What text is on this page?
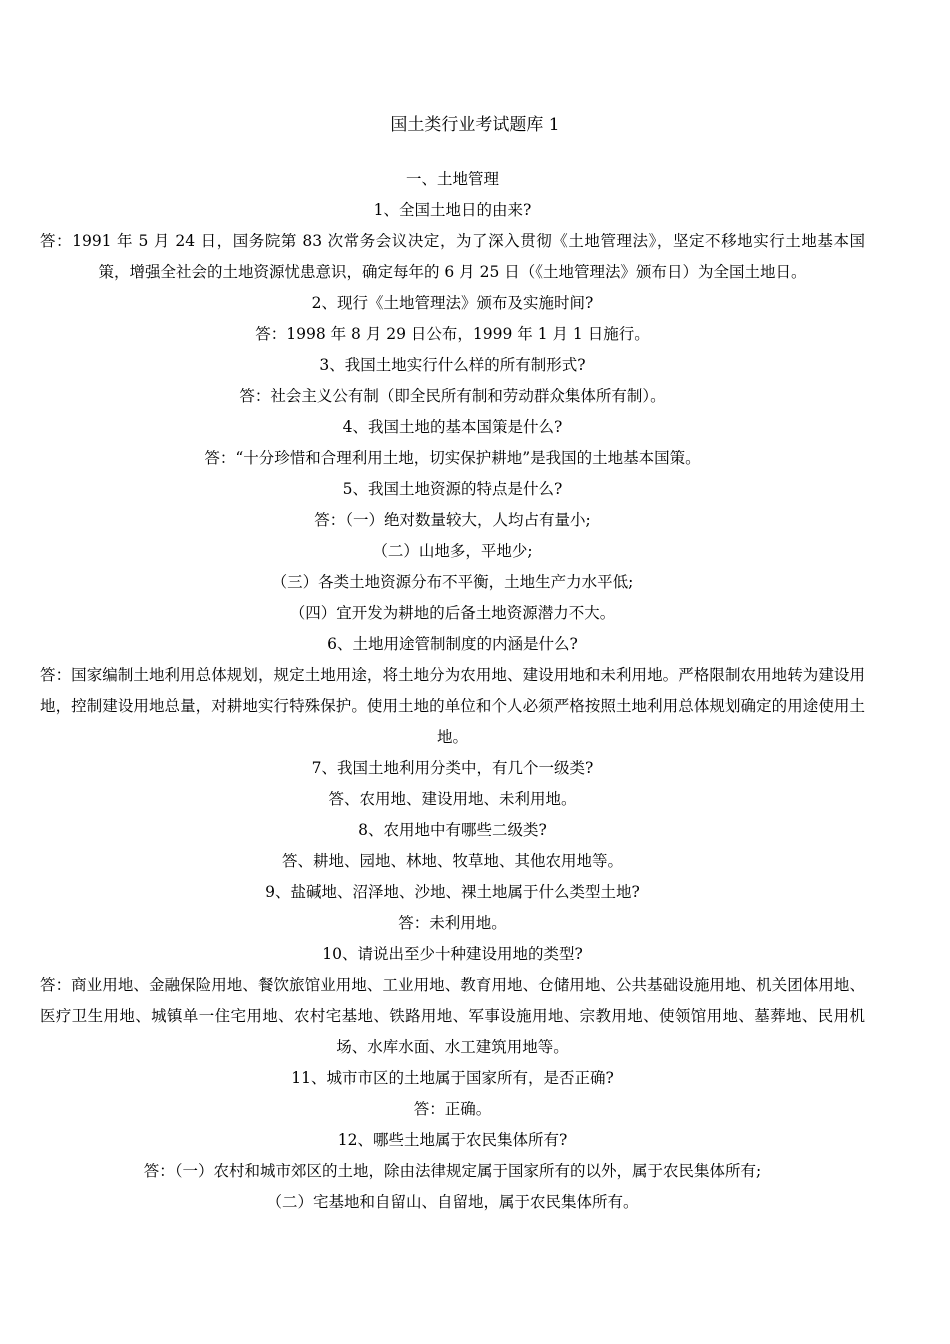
国土类行业考试题库 1
一、土地管理
1、全国土地日的由来?
答：1991 年 5 月 24 日，国务院第 83 次常务会议决定，为了深入贯彻《土地管理法》，坚定不移地实行土地基本国策，增强全社会的土地资源忧患意识，确定每年的 6 月 25 日（《土地管理法》颁布日）为全国土地日。
2、现行《土地管理法》颁布及实施时间?
答：1998 年 8 月 29 日公布，1999 年 1 月 1 日施行。
3、我国土地实行什么样的所有制形式?
答：社会主义公有制（即全民所有制和劳动群众集体所有制）。
4、我国土地的基本国策是什么?
答：“十分珍惜和合理利用土地，切实保护耕地”是我国的土地基本国策。
5、我国土地资源的特点是什么?
答：（一）绝对数量较大，人均占有量小;
（二）山地多，平地少;
（三）各类土地资源分布不平衡，土地生产力水平低;
（四）宜开发为耕地的后备土地资源潜力不大。
6、土地用途管制制度的内涵是什么?
答：国家编制土地利用总体规划，规定土地用途，将土地分为农用地、建设用地和未利用地。严格限制农用地转为建设用地，控制建设用地总量，对耕地实行特殊保护。使用土地的单位和个人必须严格按照土地利用总体规划确定的用途使用土地。
7、我国土地利用分类中，有几个一级类?
答、农用地、建设用地、未利用地。
8、农用地中有哪些二级类?
答、耕地、园地、林地、牧草地、其他农用地等。
9、盐碱地、沼泽地、沙地、裸土地属于什么类型土地?
答：未利用地。
10、请说出至少十种建设用地的类型?
答：商业用地、金融保险用地、餐饮旅馆业用地、工业用地、教育用地、仓储用地、公共基础设施用地、机关团体用地、医疗卫生用地、城镇单一住宅用地、农村宅基地、铁路用地、军事设施用地、宗教用地、使领馆用地、墓葬地、民用机场、水库水面、水工建筑用地等。
11、城市市区的土地属于国家所有，是否正确?
答：正确。
12、哪些土地属于农民集体所有?
答：（一）农村和城市郊区的土地，除由法律规定属于国家所有的以外，属于农民集体所有;
（二）宅基地和自留山、自留地，属于农民集体所有。
